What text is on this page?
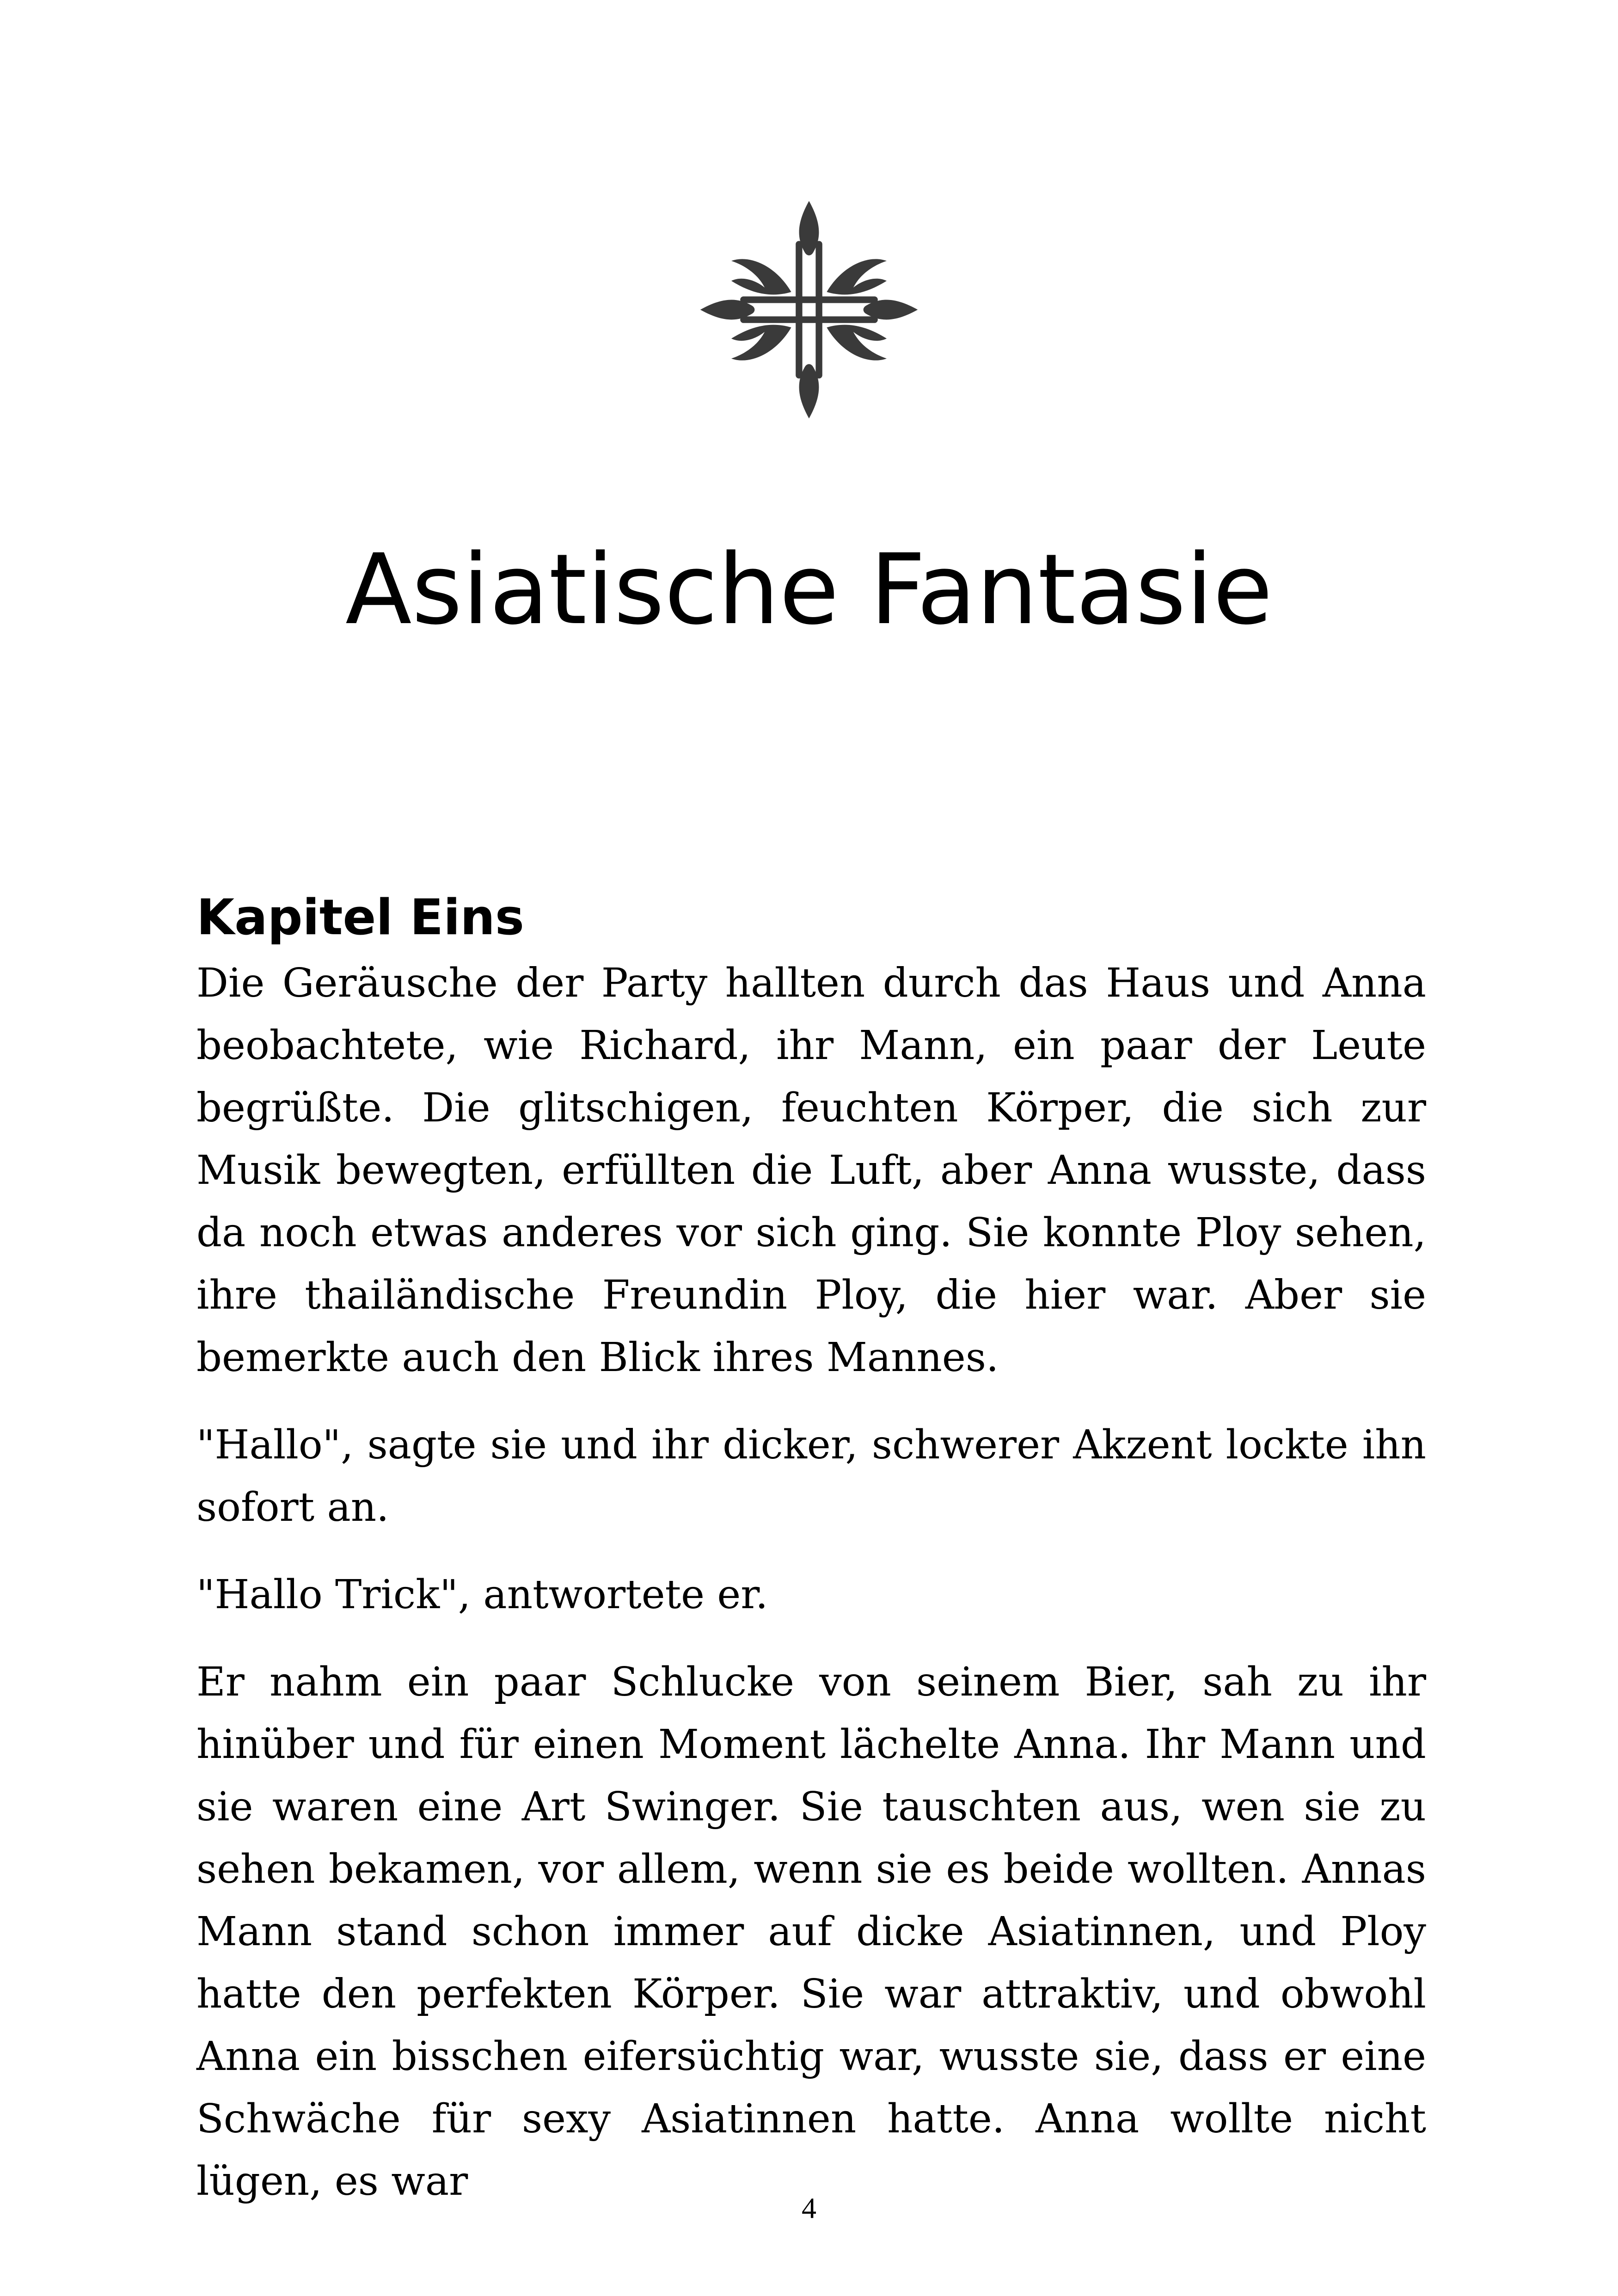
Asiatische Fantasie
Kapitel Eins

Die Geräusche der Party hallten durch das Haus und Anna beobachtete, wie Richard, ihr Mann, ein paar der Leute begrüßte. Die glitschigen, feuchten Körper, die sich zur Musik bewegten, erfüllten die Luft, aber Anna wusste, dass da noch etwas anderes vor sich ging. Sie konnte Ploy sehen, ihre thailändische Freundin Ploy, die hier war. Aber sie bemerkte auch den Blick ihres Mannes.

"Hallo", sagte sie und ihr dicker, schwerer Akzent lockte ihn sofort an.

"Hallo Trick", antwortete er.

Er nahm ein paar Schlucke von seinem Bier, sah zu ihr hinüber und für einen Moment lächelte Anna. Ihr Mann und sie waren eine Art Swinger. Sie tauschten aus, wen sie zu sehen bekamen, vor allem, wenn sie es beide wollten. Annas Mann stand schon immer auf dicke Asiatinnen, und Ploy hatte den perfekten Körper. Sie war attraktiv, und obwohl Anna ein bisschen eifersüchtig war, wusste sie, dass er eine Schwäche für sexy Asiatinnen hatte. Anna wollte nicht lügen, es war

4
